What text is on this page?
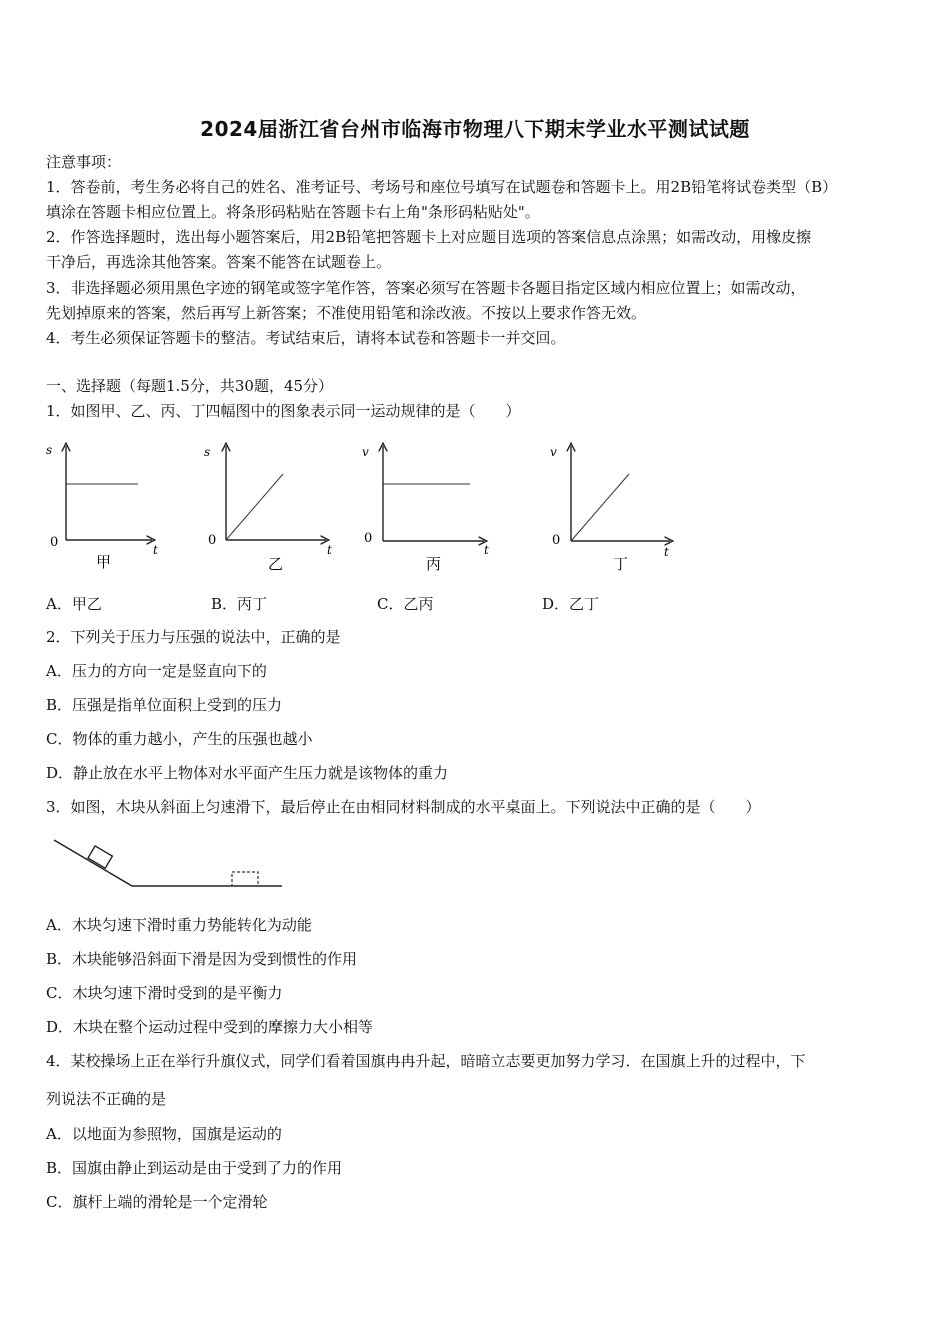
2024届浙江省台州市临海市物理八下期末学业水平测试试题
注意事项：
1．答卷前，考生务必将自己的姓名、准考证号、考场号和座位号填写在试题卷和答题卡上。用2B铅笔将试卷类型（B）
填涂在答题卡相应位置上。将条形码粘贴在答题卡右上角"条形码粘贴处"。
2．作答选择题时，选出每小题答案后，用2B铅笔把答题卡上对应题目选项的答案信息点涂黑；如需改动，用橡皮擦
干净后，再选涂其他答案。答案不能答在试题卷上。
3．非选择题必须用黑色字迹的钢笔或签字笔作答，答案必须写在答题卡各题目指定区域内相应位置上；如需改动，
先划掉原来的答案，然后再写上新答案；不准使用铅笔和涂改液。不按以上要求作答无效。
4．考生必须保证答题卡的整洁。考试结束后，请将本试卷和答题卡一并交回。
一、选择题（每题1.5分，共30题，45分）
1．如图甲、乙、丙、丁四幅图中的图象表示同一运动规律的是（　　）
s
0	t
甲
s
0
t
乙
v
0
t
丙
v
0
t
丁
A．甲乙	B．丙丁	C．乙丙	D．乙丁
2．下列关于压力与压强的说法中，正确的是
A．压力的方向一定是竖直向下的
B．压强是指单位面积上受到的压力
C．物体的重力越小，产生的压强也越小
D．静止放在水平上物体对水平面产生压力就是该物体的重力
3．如图，木块从斜面上匀速滑下，最后停止在由相同材料制成的水平桌面上。下列说法中正确的是（　　）
A．木块匀速下滑时重力势能转化为动能
B．木块能够沿斜面下滑是因为受到惯性的作用
C．木块匀速下滑时受到的是平衡力
D．木块在整个运动过程中受到的摩擦力大小相等
4．某校操场上正在举行升旗仪式，同学们看着国旗冉冉升起，暗暗立志要更加努力学习．在国旗上升的过程中，下
列说法不正确的是
A．以地面为参照物，国旗是运动的
B．国旗由静止到运动是由于受到了力的作用
C．旗杆上端的滑轮是一个定滑轮
